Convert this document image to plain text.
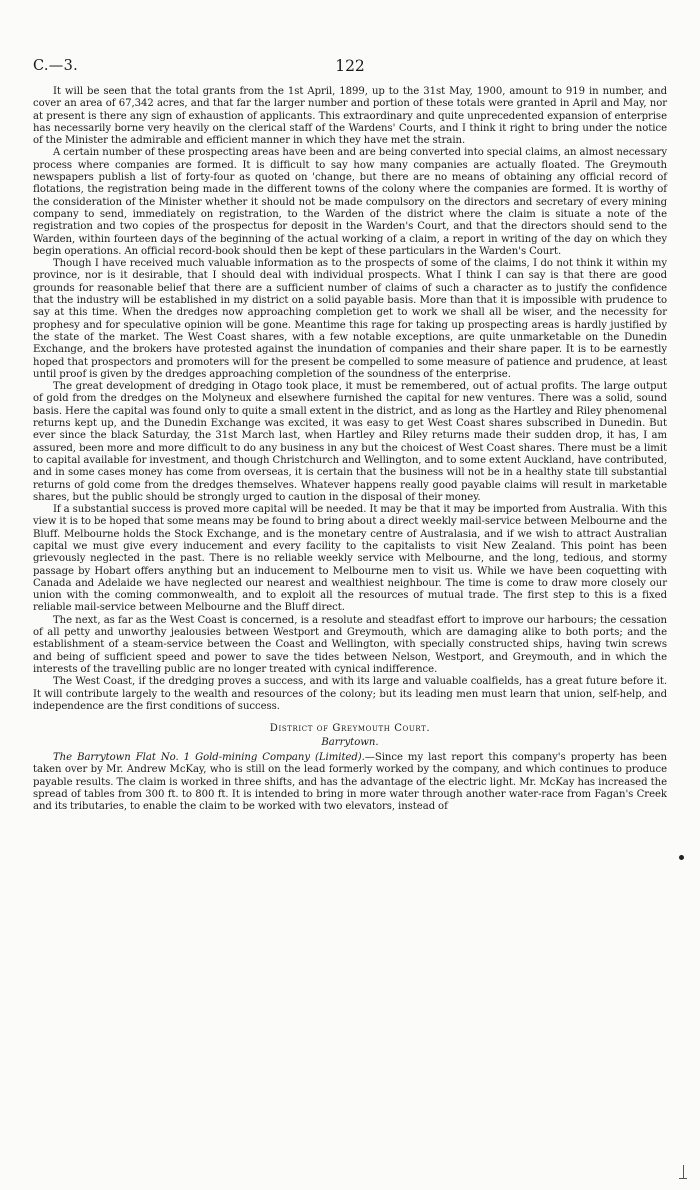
C.—3.	122

It will be seen that the total grants from the 1st April, 1899, up to the 31st May, 1900, amount to 919 in number, and cover an area of 67,342 acres, and that far the larger number and portion of these totals were granted in April and May, nor at present is there any sign of exhaustion of applicants. This extraordinary and quite unprecedented expansion of enterprise has necessarily borne very heavily on the clerical staff of the Wardens' Courts, and I think it right to bring under the notice of the Minister the admirable and efficient manner in which they have met the strain.

A certain number of these prospecting areas have been and are being converted into special claims, an almost necessary process where companies are formed. It is difficult to say how many companies are actually floated. The Greymouth newspapers publish a list of forty-four as quoted on 'change, but there are no means of obtaining any official record of flotations, the registration being made in the different towns of the colony where the companies are formed. It is worthy of the consideration of the Minister whether it should not be made compulsory on the directors and secretary of every mining company to send, immediately on registration, to the Warden of the district where the claim is situate a note of the registration and two copies of the prospectus for deposit in the Warden's Court, and that the directors should send to the Warden, within fourteen days of the beginning of the actual working of a claim, a report in writing of the day on which they begin operations. An official record-book should then be kept of these particulars in the Warden's Court.

Though I have received much valuable information as to the prospects of some of the claims, I do not think it within my province, nor is it desirable, that I should deal with individual prospects. What I think I can say is that there are good grounds for reasonable belief that there are a sufficient number of claims of such a character as to justify the confidence that the industry will be established in my district on a solid payable basis. More than that it is impossible with prudence to say at this time. When the dredges now approaching completion get to work we shall all be wiser, and the necessity for prophesy and for speculative opinion will be gone. Meantime this rage for taking up prospecting areas is hardly justified by the state of the market. The West Coast shares, with a few notable exceptions, are quite unmarketable on the Dunedin Exchange, and the brokers have protested against the inundation of companies and their share paper. It is to be earnestly hoped that prospectors and promoters will for the present be compelled to some measure of patience and prudence, at least until proof is given by the dredges approaching completion of the soundness of the enterprise.

The great development of dredging in Otago took place, it must be remembered, out of actual profits. The large output of gold from the dredges on the Molyneux and elsewhere furnished the capital for new ventures. There was a solid, sound basis. Here the capital was found only to quite a small extent in the district, and as long as the Hartley and Riley phenomenal returns kept up, and the Dunedin Exchange was excited, it was easy to get West Coast shares subscribed in Dunedin. But ever since the black Saturday, the 31st March last, when Hartley and Riley returns made their sudden drop, it has, I am assured, been more and more difficult to do any business in any but the choicest of West Coast shares. There must be a limit to capital available for investment, and though Christchurch and Wellington, and to some extent Auckland, have contributed, and in some cases money has come from overseas, it is certain that the business will not be in a healthy state till substantial returns of gold come from the dredges themselves. Whatever happens really good payable claims will result in marketable shares, but the public should be strongly urged to caution in the disposal of their money.

If a substantial success is proved more capital will be needed. It may be that it may be imported from Australia. With this view it is to be hoped that some means may be found to bring about a direct weekly mail-service between Melbourne and the Bluff. Melbourne holds the Stock Exchange, and is the monetary centre of Australasia, and if we wish to attract Australian capital we must give every inducement and every facility to the capitalists to visit New Zealand. This point has been grievously neglected in the past. There is no reliable weekly service with Melbourne, and the long, tedious, and stormy passage by Hobart offers anything but an inducement to Melbourne men to visit us. While we have been coquetting with Canada and Adelaide we have neglected our nearest and wealthiest neighbour. The time is come to draw more closely our union with the coming commonwealth, and to exploit all the resources of mutual trade. The first step to this is a fixed reliable mail-service between Melbourne and the Bluff direct.

The next, as far as the West Coast is concerned, is a resolute and steadfast effort to improve our harbours; the cessation of all petty and unworthy jealousies between Westport and Greymouth, which are damaging alike to both ports; and the establishment of a steam-service between the Coast and Wellington, with specially constructed ships, having twin screws and being of sufficient speed and power to save the tides between Nelson, Westport, and Greymouth, and in which the interests of the travelling public are no longer treated with cynical indifference.

The West Coast, if the dredging proves a success, and with its large and valuable coalfields, has a great future before it. It will contribute largely to the wealth and resources of the colony; but its leading men must learn that union, self-help, and independence are the first conditions of success.

District of Greymouth Court.
Barrytown.

The Barrytown Flat No. 1 Gold-mining Company (Limited).—Since my last report this company's property has been taken over by Mr. Andrew McKay, who is still on the lead formerly worked by the company, and which continues to produce payable results. The claim is worked in three shifts, and has the advantage of the electric light. Mr. McKay has increased the spread of tables from 300 ft. to 800 ft. It is intended to bring in more water through another water-race from Fagan's Creek and its tributaries, to enable the claim to be worked with two elevators, instead of
